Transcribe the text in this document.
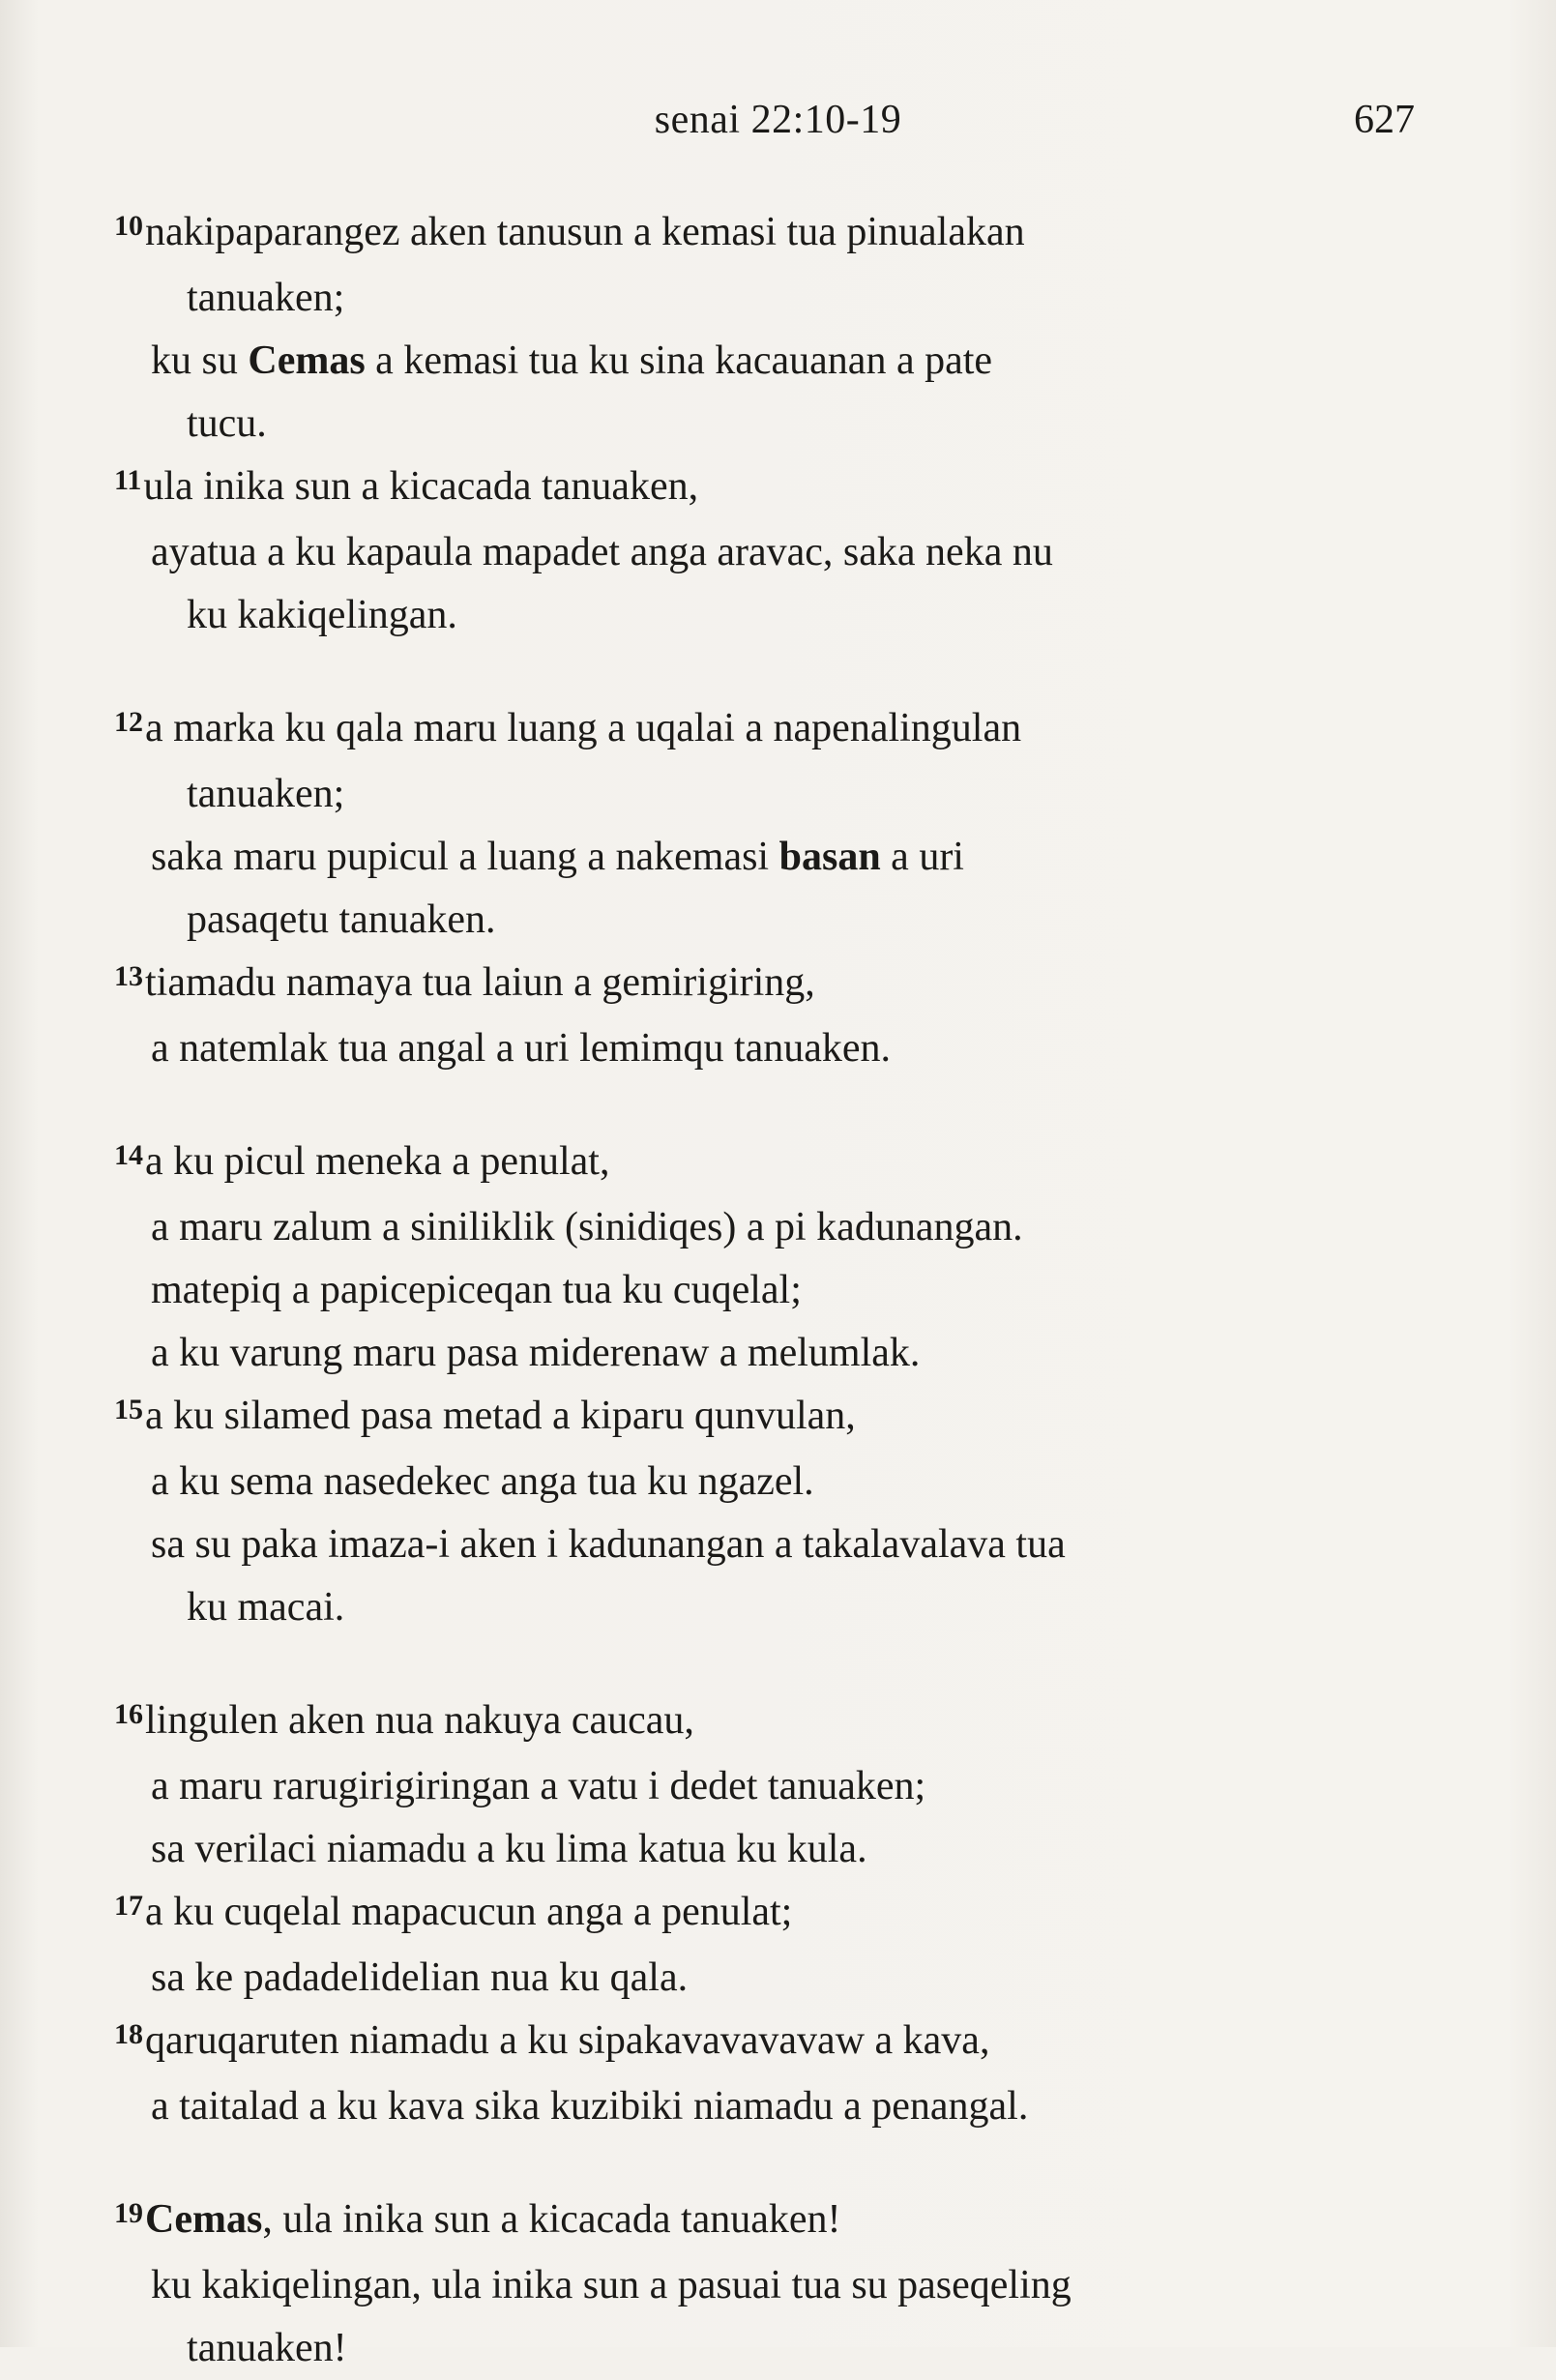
senai 22:10-19	627
$^{10}$nakipaparangez aken tanusun a kemasi tua pinualakan
tanuaken;
ku su Cemas a kemasi tua ku sina kacauanan a pate
tucu.
$^{11}$ula inika sun a kicacada tanuaken,
ayatua a ku kapaula mapadet anga aravac, saka neka nu
ku kakiqelingan.
$^{12}$a marka ku qala maru luang a uqalai a napenalingulan
tanuaken;
saka maru pupicul a luang a nakemasi basan a uri
pasaqetu tanuaken.
$^{13}$tiamadu namaya tua laiun a gemirigiring,
a natemlak tua angal a uri lemimqu tanuaken.
$^{14}$a ku picul meneka a penulat,
a maru zalum a siniliklik (sinidiqes) a pi kadunangan.
matepiq a papicepiceqan tua ku cuqelal;
a ku varung maru pasa miderenaw a melumlak.
$^{15}$a ku silamed pasa metad a kiparu qunvulan,
a ku sema nasedekec anga tua ku ngazel.
sa su paka imaza-i aken i kadunangan a takalavalava tua
ku macai.
$^{16}$lingulen aken nua nakuya caucau,
a maru rarugirigiringan a vatu i dedet tanuaken;
sa verilaci niamadu a ku lima katua ku kula.
$^{17}$a ku cuqelal mapacucun anga a penulat;
sa ke padadelidelian nua ku qala.
$^{18}$qaruqaruten niamadu a ku sipakavavavavaw a kava,
a taitalad a ku kava sika kuzibiki niamadu a penangal.
$^{19}$Cemas, ula inika sun a kicacada tanuaken!
ku kakiqelingan, ula inika sun a pasuai tua su paseqeling
tanuaken!
